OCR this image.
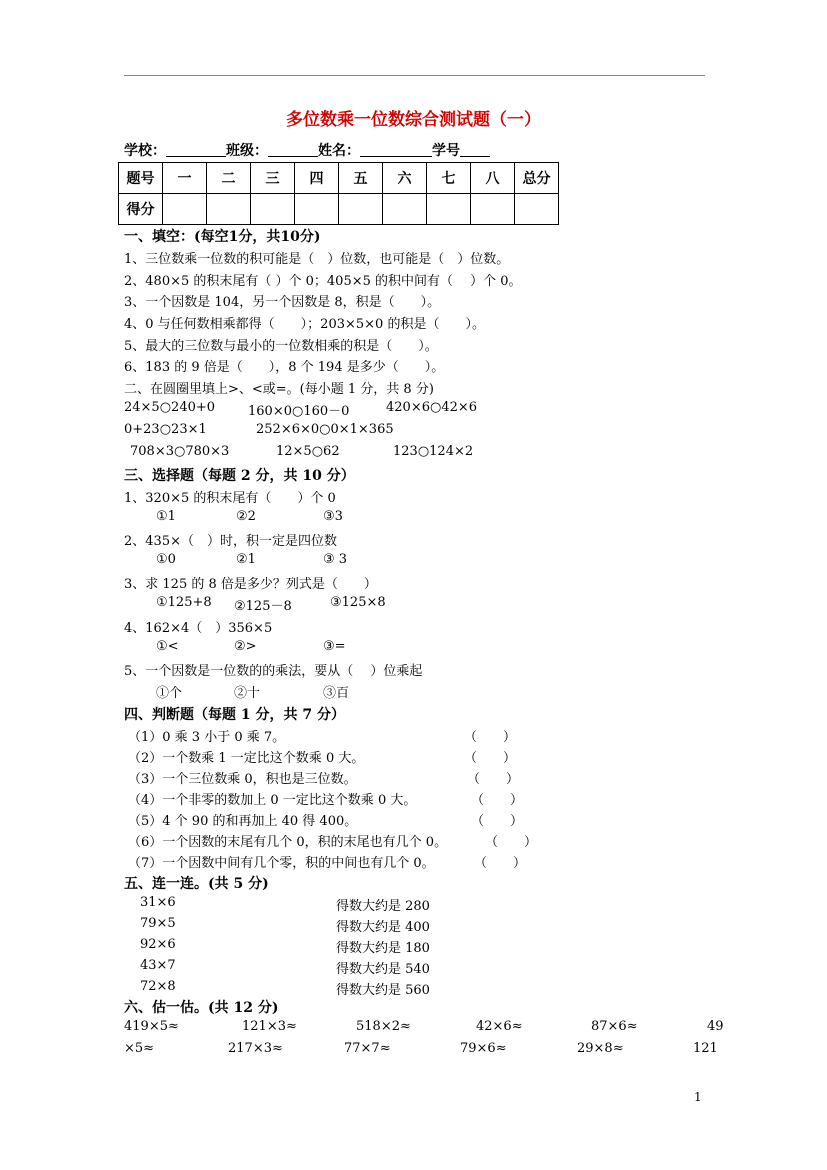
多位数乘一位数综合测试题（一）
学校：	班级：	姓名：	学号
题号	一	二	三	四	五	六	七	八	总分
得分									
一、填空：(每空1分，共10分)
1、三位数乘一位数的积可能是（　）位数，也可能是（　）位数。
2、480×5 的积末尾有（ ）个 0；405×5 的积中间有（　 ）个 0。
3、一个因数是 104，另一个因数是 8，积是（　　）。
4、0 与任何数相乘都得（　　）；203×5×0 的积是（　　）。
5、最大的三位数与最小的一位数相乘的积是（　　）。
6、183 的 9 倍是（　　），8 个 194 是多少（　　）。
二、在圆圈里填上>、<或=。(每小题 1 分，共 8 分)
24×5○240+0	160×0○160－0	420×6○42×6
0+23○23×1	252×6×0○0×1×365
708×3○780×3	12×5○62	123○124×2
三、选择题（每题 2 分，共 10 分）
1、320×5 的积末尾有（　　）个 0
①1	②2	③3
2、435×（　）时，积一定是四位数
①0	②1	③ 3
3、求 125 的 8 倍是多少？列式是（　　）
①125+8 ②125－8	③125×8
4、162×4（　）356×5
①<	②>	③=
5、一个因数是一位数的的乘法，要从（　 ）位乘起
①个	②十	③百
四、判断题（每题 1 分，共 7 分）
（1）0 乘 3 小于 0 乘 7。	（　　）
（2）一个数乘 1 一定比这个数乘 0 大。	（　　）
（3）一个三位数乘 0，积也是三位数。	（　　）
（4）一个非零的数加上 0 一定比这个数乘 0 大。	（　　）
（5）4 个 90 的和再加上 40 得 400。	（　　）
（6）一个因数的末尾有几个 0，积的末尾也有几个 0。	（　　）
（7）一个因数中间有几个零，积的中间也有几个 0。	（　　）
五、连一连。(共 5 分)
31×6	得数大约是 280
79×5	得数大约是 400
92×6	得数大约是 180
43×7	得数大约是 540
72×8	得数大约是 560
六、估一估。(共 12 分)
419×5≈	121×3≈	518×2≈	42×6≈	87×6≈	49
×5≈	217×3≈	77×7≈	79×6≈	29×8≈	121
1
